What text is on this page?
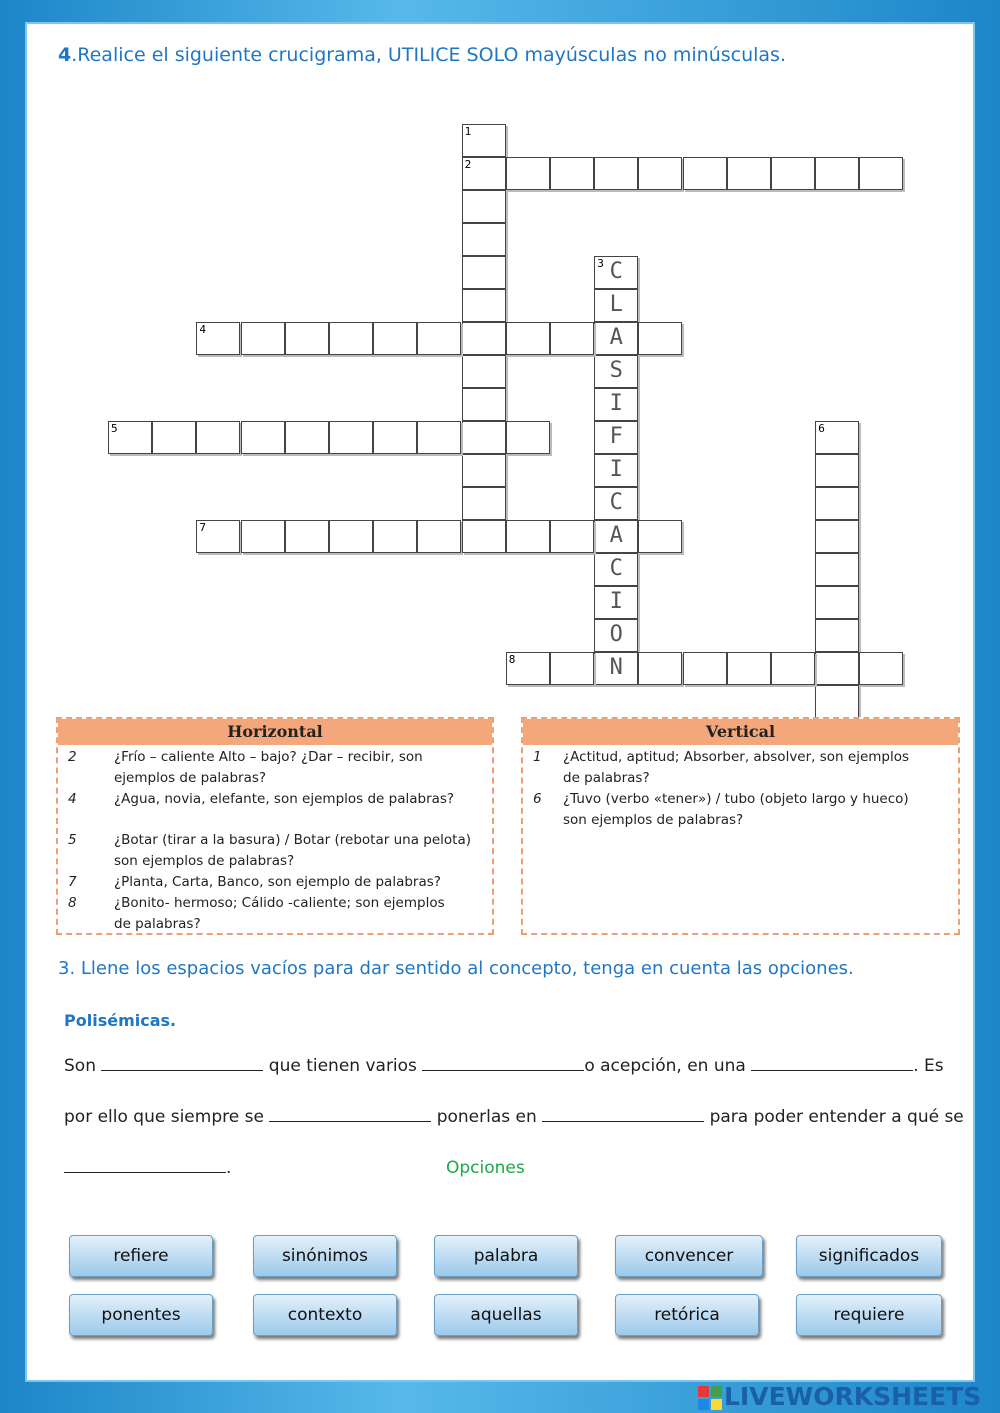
4.Realice el siguiente crucigrama, UTILICE SOLO mayúsculas no minúsculas.
1
2
3 C
L
A
S
I
F
I
C
A
C
I
O
N
4
5	6
7
8
Horizontal
2	¿Frío – caliente Alto – bajo? ¿Dar – recibir, son

ejemplos de palabras?
4	¿Agua, novia, elefante, son ejemplos de palabras?
5	¿Botar (tirar a la basura) / Botar (rebotar una pelota)

son ejemplos de palabras?
7	¿Planta, Carta, Banco, son ejemplo de palabras?
8	¿Bonito- hermoso; Cálido -caliente; son ejemplos

de palabras?
Vertical
1 ¿Actitud, aptitud; Absorber, absolver, son ejemplos

de palabras?
6 ¿Tuvo (verbo «tener») / tubo (objeto largo y hueco)

son ejemplos de palabras?
3. Llene los espacios vacíos para dar sentido al concepto, tenga en cuenta las opciones.
Polisémicas.
Son	que tienen varios	o acepción, en una	. Es
por ello que siempre se	ponerlas en	para poder entender a qué se
.	Opciones
refiere	sinónimos	palabra	convencer	significados
ponentes	contexto	aquellas	retórica	requiere
LIVEWORKSHEETS
